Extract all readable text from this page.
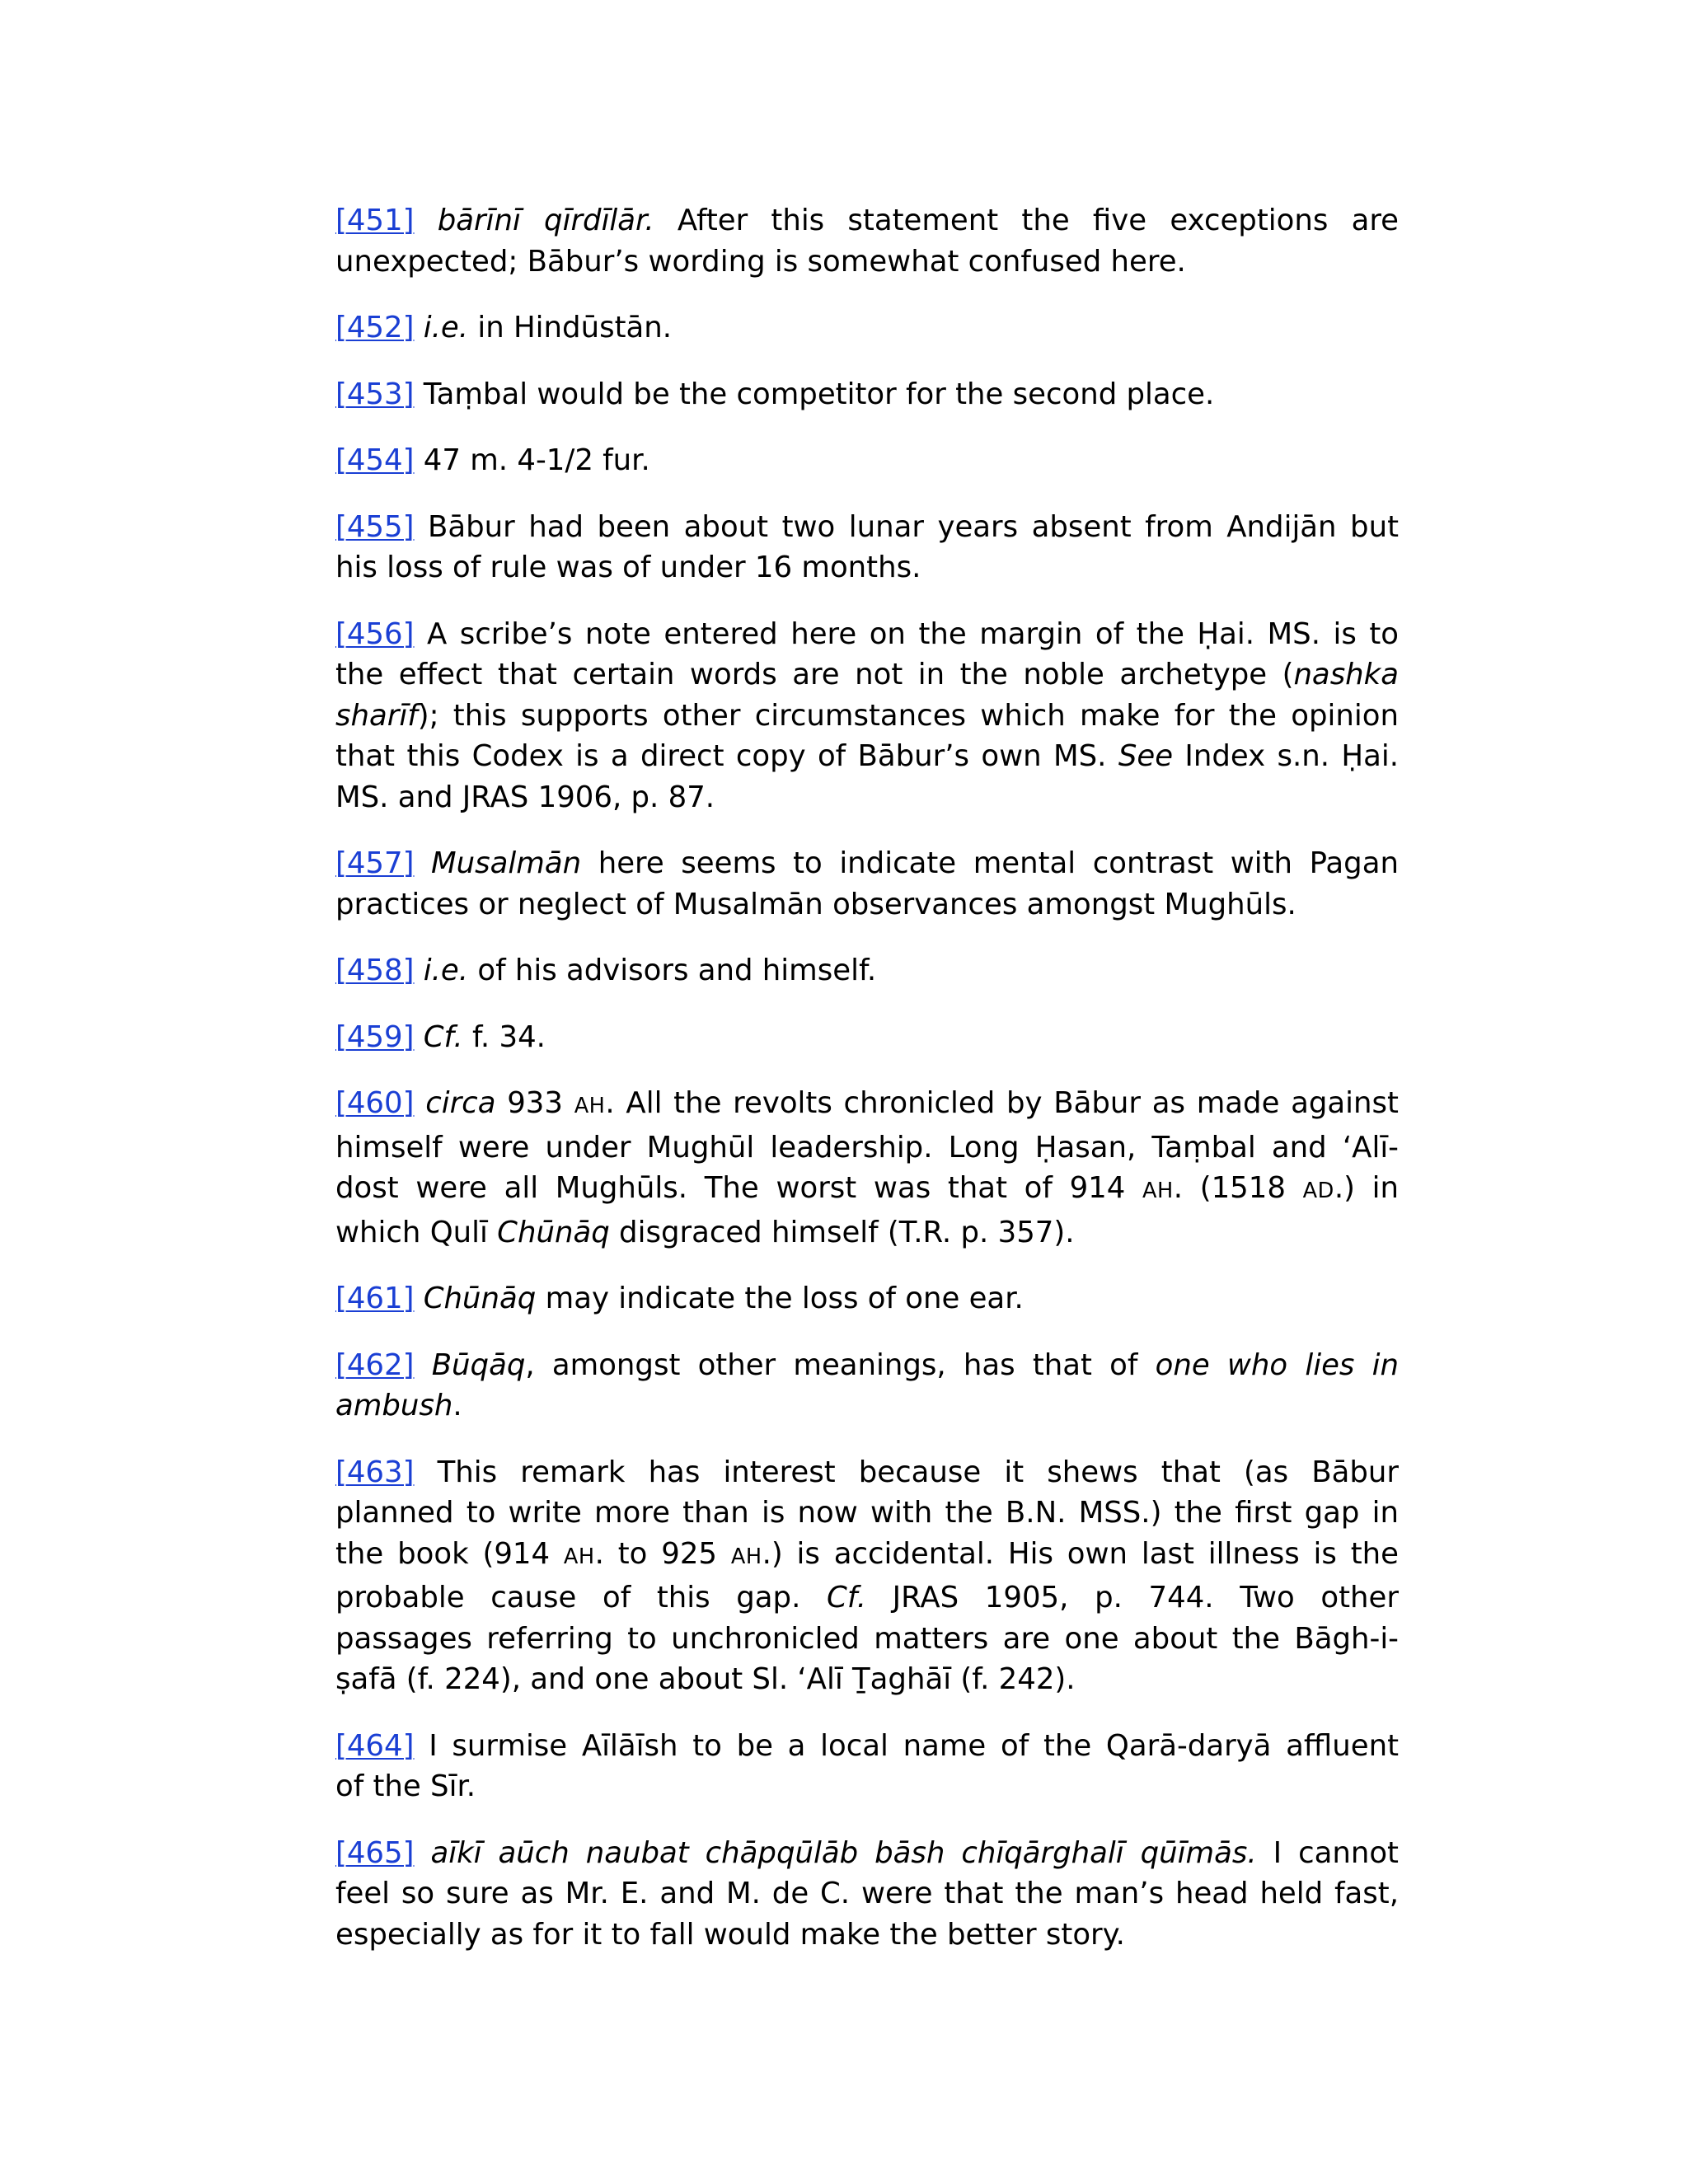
[451] bārīnī qīrdīlār. After this statement the five exceptions are
unexpected; Bābur’s wording is somewhat confused here.
[452] i.e. in Hindūstān.
[453] Taṃbal would be the competitor for the second place.
[454] 47 m. 4-1/2 fur.
[455] Bābur had been about two lunar years absent from Andijān but
his loss of rule was of under 16 months.
[456] A scribe’s note entered here on the margin of the Ḥai. MS. is to
the effect that certain words are not in the noble archetype (nashka
sharīf); this supports other circumstances which make for the opinion
that this Codex is a direct copy of Bābur’s own MS. See Index s.n. Ḥai.
MS. and JRAS 1906, p. 87.
[457] Musalmān here seems to indicate mental contrast with Pagan
practices or neglect of Musalmān observances amongst Mughūls.
[458] i.e. of his advisors and himself.
[459] Cf. f. 34.
[460] circa 933 AH. All the revolts chronicled by Bābur as made against
himself were under Mughūl leadership. Long Ḥasan, Taṃbal and ‘Alī-
dost were all Mughūls. The worst was that of 914 AH. (1518 AD.) in
which Qulī Chūnāq disgraced himself (T.R. p. 357).
[461] Chūnāq may indicate the loss of one ear.
[462] Būqāq, amongst other meanings, has that of one who lies in
ambush.
[463] This remark has interest because it shews that (as Bābur
planned to write more than is now with the B.N. MSS.) the first gap in
the book (914 AH. to 925 AH.) is accidental. His own last illness is the
probable cause of this gap. Cf. JRAS 1905, p. 744. Two other
passages referring to unchronicled matters are one about the Bāgh-i-
ṣafā (f. 224), and one about Sl. ‘Alī Ṯaghāī (f. 242).
[464] I surmise Aīlāīsh to be a local name of the Qarā-daryā affluent
of the Sīr.
[465] aīkī aūch naubat chāpqūlāb bāsh chīqārghalī qūīmās. I cannot
feel so sure as Mr. E. and M. de C. were that the man’s head held fast,
especially as for it to fall would make the better story.
